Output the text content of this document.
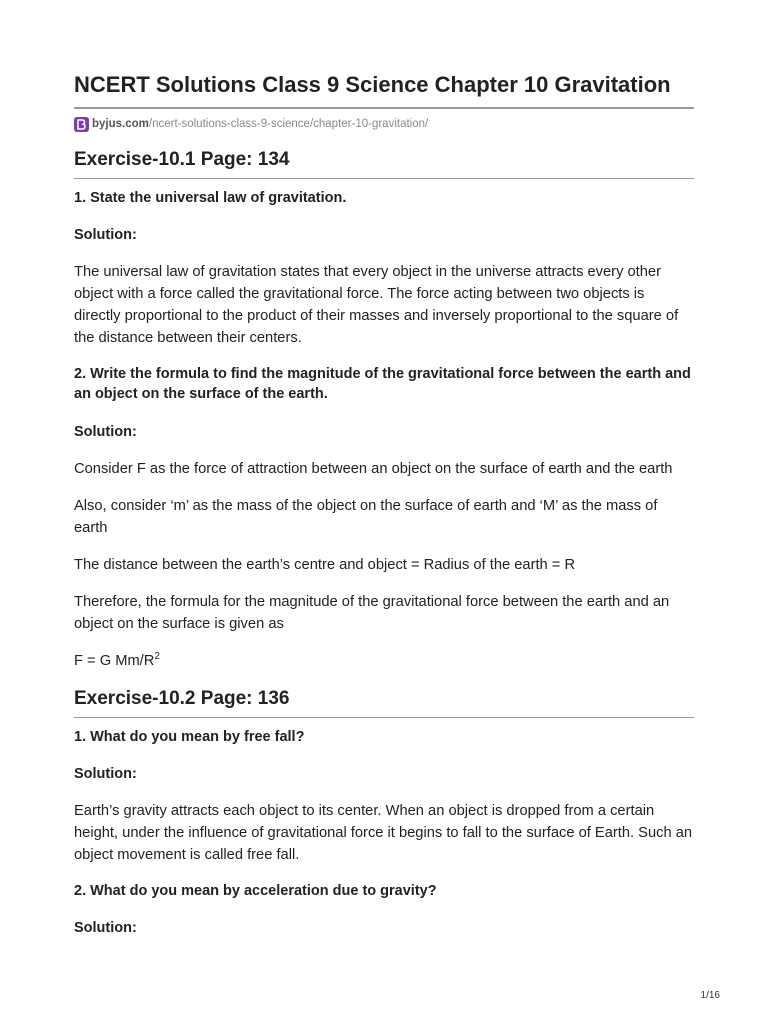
NCERT Solutions Class 9 Science Chapter 10 Gravitation
byjus.com /ncert-solutions-class-9-science/chapter-10-gravitation/
Exercise-10.1 Page: 134
1. State the universal law of gravitation.
Solution:

The universal law of gravitation states that every object in the universe attracts every other object with a force called the gravitational force. The force acting between two objects is directly proportional to the product of their masses and inversely proportional to the square of the distance between their centers.

2. Write the formula to find the magnitude of the gravitational force between the earth and an object on the surface of the earth.
Solution:

Consider F as the force of attraction between an object on the surface of earth and the earth

Also, consider ‘m’ as the mass of the object on the surface of earth and ‘M’ as the mass of earth

The distance between the earth’s centre and object = Radius of the earth = R

Therefore, the formula for the magnitude of the gravitational force between the earth and an object on the surface is given as

F = G $Mm/R^2$

Exercise-10.2 Page: 136
1. What do you mean by free fall?
Solution:

Earth’s gravity attracts each object to its center. When an object is dropped from a certain height, under the influence of gravitational force it begins to fall to the surface of Earth. Such an object movement is called free fall.

2. What do you mean by acceleration due to gravity?
Solution:
1/16
